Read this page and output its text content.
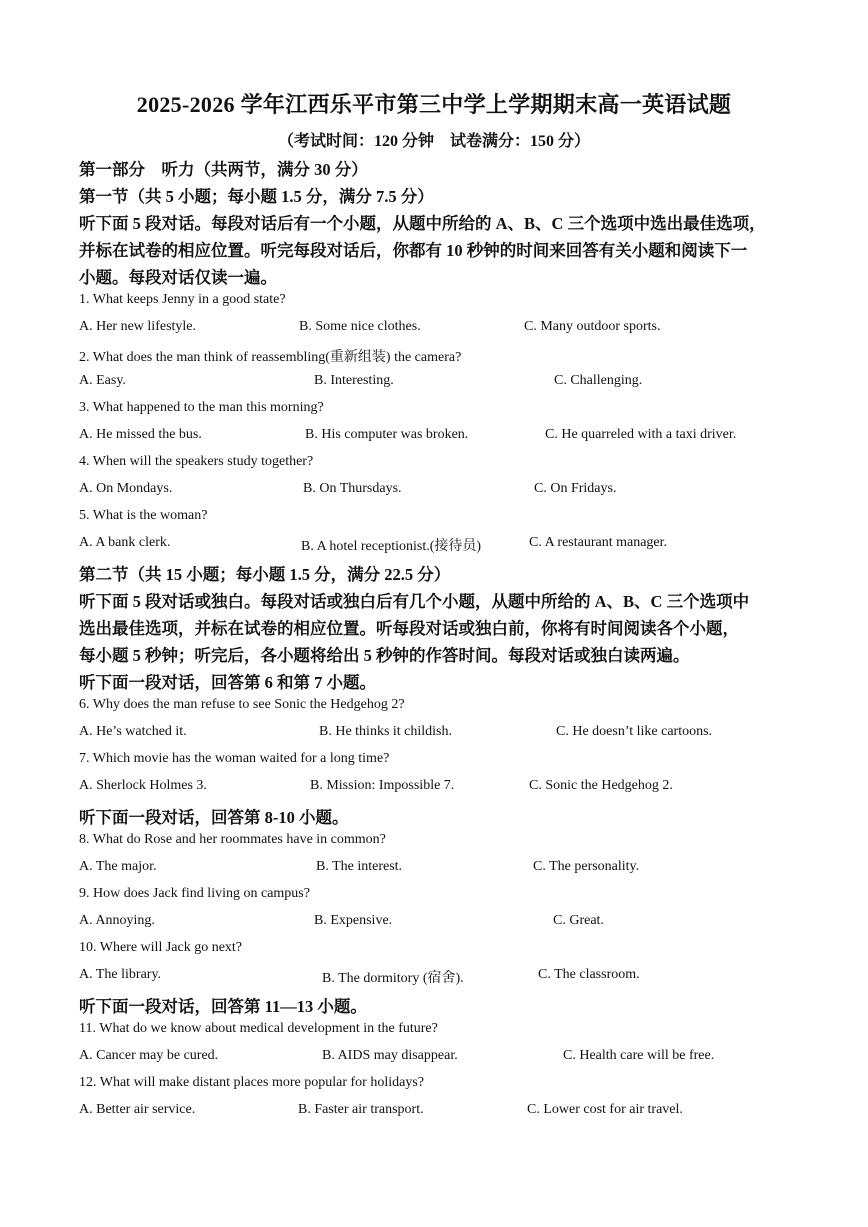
2025-2026 学年江西乐平市第三中学上学期期末高一英语试题
（考试时间：120 分钟　试卷满分：150 分）
第一部分　听力（共两节，满分 30 分）
第一节（共 5 小题；每小题 1.5 分，满分 7.5 分）
听下面 5 段对话。每段对话后有一个小题，从题中所给的 A、B、C 三个选项中选出最佳选项，
并标在试卷的相应位置。听完每段对话后，你都有 10 秒钟的时间来回答有关小题和阅读下一
小题。每段对话仅读一遍。
1. What keeps Jenny in a good state?
A. Her new lifestyle.	B. Some nice clothes.	C. Many outdoor sports.
2. What does the man think of reassembling(重新组装) the camera?
A. Easy.	B. Interesting.	C. Challenging.
3. What happened to the man this morning?
A. He missed the bus.	B. His computer was broken.	C. He quarreled with a taxi driver.
4. When will the speakers study together?
A. On Mondays.	B. On Thursdays.	C. On Fridays.
5. What is the woman?
A. A bank clerk.	B. A hotel receptionist.(接待员)	C. A restaurant manager.
第二节（共 15 小题；每小题 1.5 分，满分 22.5 分）
听下面 5 段对话或独白。每段对话或独白后有几个小题，从题中所给的 A、B、C 三个选项中
选出最佳选项，并标在试卷的相应位置。听每段对话或独白前，你将有时间阅读各个小题，
每小题 5 秒钟；听完后，各小题将给出 5 秒钟的作答时间。每段对话或独白读两遍。
听下面一段对话，回答第 6 和第 7 小题。
6. Why does the man refuse to see Sonic the Hedgehog 2?
A. He’s watched it.	B. He thinks it childish.	C. He doesn’t like cartoons.
7. Which movie has the woman waited for a long time?
A. Sherlock Holmes 3.	B. Mission: Impossible 7.	C. Sonic the Hedgehog 2.
听下面一段对话，回答第 8-10 小题。
8. What do Rose and her roommates have in common?
A. The major.	B. The interest.	C. The personality.
9. How does Jack find living on campus?
A. Annoying.	B. Expensive.	C. Great.
10. Where will Jack go next?
A. The library.	B. The dormitory (宿舍).	C. The classroom.
听下面一段对话，回答第 11—13 小题。
11. What do we know about medical development in the future?
A. Cancer may be cured.	B. AIDS may disappear.	C. Health care will be free.
12. What will make distant places more popular for holidays?
A. Better air service.	B. Faster air transport.	C. Lower cost for air travel.
